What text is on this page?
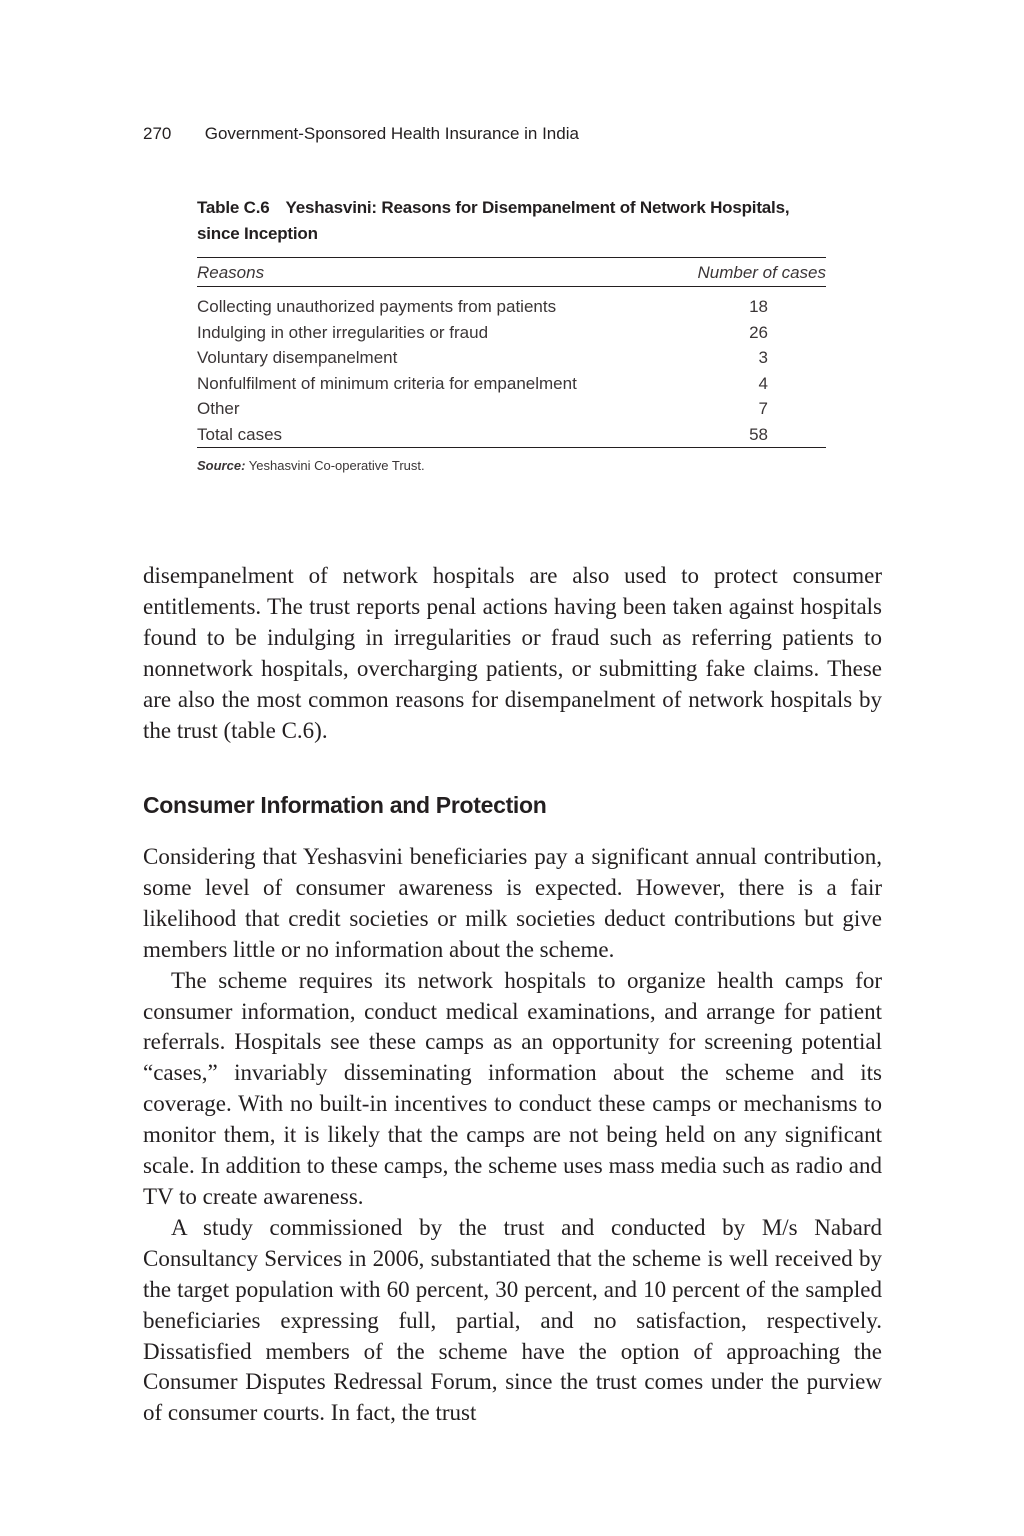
270 Government-Sponsored Health Insurance in India
Table C.6 Yeshasvini: Reasons for Disempanelment of Network Hospitals, since Inception
Reasons	Number of cases
Collecting unauthorized payments from patients	18
Indulging in other irregularities or fraud	26
Voluntary disempanelment	3
Nonfulfilment of minimum criteria for empanelment	4
Other	7
Total cases	58
Source: Yeshasvini Co-operative Trust.

disempanelment of network hospitals are also used to protect consumer entitlements. The trust reports penal actions having been taken against hospitals found to be indulging in irregularities or fraud such as referring patients to nonnetwork hospitals, overcharging patients, or submitting fake claims. These are also the most common reasons for disempanelment of network hospitals by the trust (table C.6).

Consumer Information and Protection

Considering that Yeshasvini beneficiaries pay a significant annual contribution, some level of consumer awareness is expected. However, there is a fair likelihood that credit societies or milk societies deduct contributions but give members little or no information about the scheme.

The scheme requires its network hospitals to organize health camps for consumer information, conduct medical examinations, and arrange for patient referrals. Hospitals see these camps as an opportunity for screening potential “cases,” invariably disseminating information about the scheme and its coverage. With no built-in incentives to conduct these camps or mechanisms to monitor them, it is likely that the camps are not being held on any significant scale. In addition to these camps, the scheme uses mass media such as radio and TV to create awareness.

A study commissioned by the trust and conducted by M/s Nabard Consultancy Services in 2006, substantiated that the scheme is well received by the target population with 60 percent, 30 percent, and 10 percent of the sampled beneficiaries expressing full, partial, and no satisfaction, respectively. Dissatisfied members of the scheme have the option of approaching the Consumer Disputes Redressal Forum, since the trust comes under the purview of consumer courts. In fact, the trust
